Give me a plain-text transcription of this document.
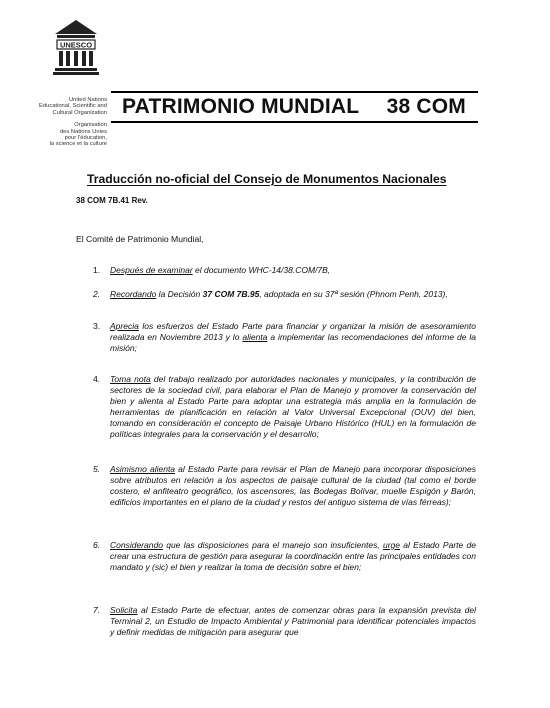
UNESCO
United Nations
Educational, Scientific and
Cultural Organization
Organisation
des Nations Unies
pour l'éducation,
la science et la culture
PATRIMONIO MUNDIAL 38 COM
Traducción no-oficial del Consejo de Monumentos Nacionales
38 COM 7B.41 Rev.
El Comité de Patrimonio Mundial,
1. Después de examinar el documento WHC-14/38.COM/7B,
2. Recordando la Decisión 37 COM 7B.95, adoptada en su 37ª sesión (Phnom Penh, 2013),
3. Aprecia los esfuerzos del Estado Parte para financiar y organizar la misión de asesoramiento realizada en Noviembre 2013 y lo alienta a implementar las recomendaciones del informe de la misión;
4. Toma nota del trabajo realizado por autoridades nacionales y municipales, y la contribución de sectores de la sociedad civil, para elaborar el Plan de Manejo y promover la conservación del bien y alienta al Estado Parte para adoptar una estrategia más amplia en la formulación de herramientas de planificación en relación al Valor Universal Excepcional (OUV) del bien, tomando en consideración el concepto de Paisaje Urbano Histórico (HUL) en la formulación de políticas integrales para la conservación y el desarrollo;
5. Asimismo alienta al Estado Parte para revisar el Plan de Manejo para incorporar disposiciones sobre atributos en relación a los aspectos de paisaje cultural de la ciudad (tal como el borde costero, el anfiteatro geográfico, los ascensores, las Bodegas Bolívar, muelle Espigón y Barón, edificios importantes en el plano de la ciudad y restos del antiguo sistema de vías férreas);
6. Considerando que las disposiciones para el manejo son insuficientes, urge al Estado Parte de crear una estructura de gestión para asegurar la coordinación entre las principales entidades con mandato y (sic) el bien y realizar la toma de decisión sobre el bien;
7. Solicita al Estado Parte de efectuar, antes de comenzar obras para la expansión prevista del Terminal 2, un Estudio de Impacto Ambiental y Patrimonial para identificar potenciales impactos y definir medidas de mitigación para asegurar que
